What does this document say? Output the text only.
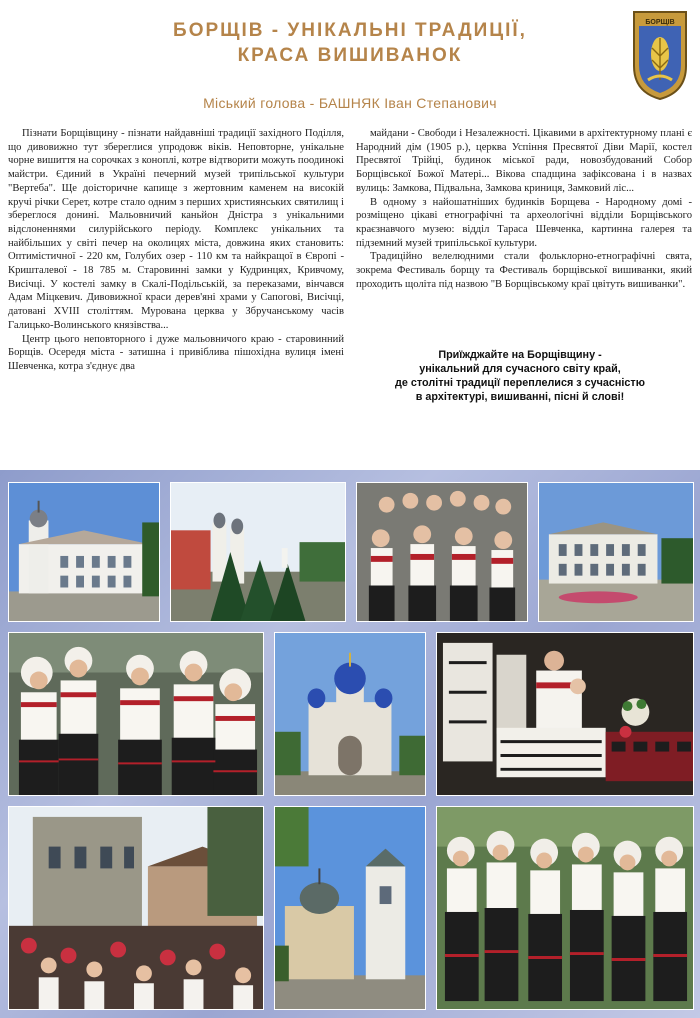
БОРЩІВ - УНІКАЛЬНІ ТРАДИЦІЇ,
КРАСА ВИШИВАНОК
БОРЩІВ
Міський голова - БАШНЯК Іван Степанович

Пізнати Борщівщину - пізнати найдавніші традиції західного Поділля, що дивовижно тут збереглися упродовж віків. Неповторне, унікальне чорне вишиття на сорочках з коноплі, котре відтворити можуть поодинокі майстри. Єдиний в Україні печерний музей трипільської культури "Вертеба". Ще доісторичне капище з жертовним каменем на високій кручі річки Серет, котре стало одним з перших християнських святилищ і збереглося донині. Мальовничий каньйон Дністра з унікальними відслоненнями силурійського періоду. Комплекс унікальних та найбільших у світі печер на околицях міста, довжина яких становить: Оптимістичної - 220 км, Голубих озер - 110 км та найкращої в Європі - Кришталевої - 18 785 м. Старовинні замки у Кудринцях, Кривчому, Висічці. У костелі замку в Скалі-Подільській, за переказами, вінчався Адам Міцкевич. Дивовижної краси дерев'яні храми у Сапогові, Висічці, датовані XVIII століттям. Мурована церква у Збручанському часів Галицько-Волинського князівства...

Центр цього неповторного і дуже мальовничого краю - старовинний Борщів. Осередя міста - затишна і привіблива пішохідна вулиця імені Шевченка, котра з'єднує два

майдани - Свободи і Незалежності. Цікавими в архітектурному плані є Народний дім (1905 р.), церква Успіння Пресвятої Діви Марії, костел Пресвятої Трійці, будинок міської ради, новозбудований Собор Борщівської Божої Матері... Вікова спадщина зафіксована і в назвах вулиць: Замкова, Підвальна, Замкова криниця, Замковий ліс...

В одному з найошатніших будинків Борщева - Народному домі - розміщено цікаві етнографічні та археологічні відділи Борщівського краєзнавчого музею: відділ Тараса Шевченка, картинна галерея та підземний музей трипільської культури.

Традиційно велелюдними стали фольклорно-етнографічні свята, зокрема Фестиваль борщу та Фестиваль борщівської вишиванки, який проходить щоліта під назвою "В Борщівському краї цвітуть вишиванки".

Приїжджайте на Борщівщину -
унікальний для сучасного світу край,
де столітні традиції переплелися з сучасністю
в архітектурі, вишиванні, пісні й слові!
